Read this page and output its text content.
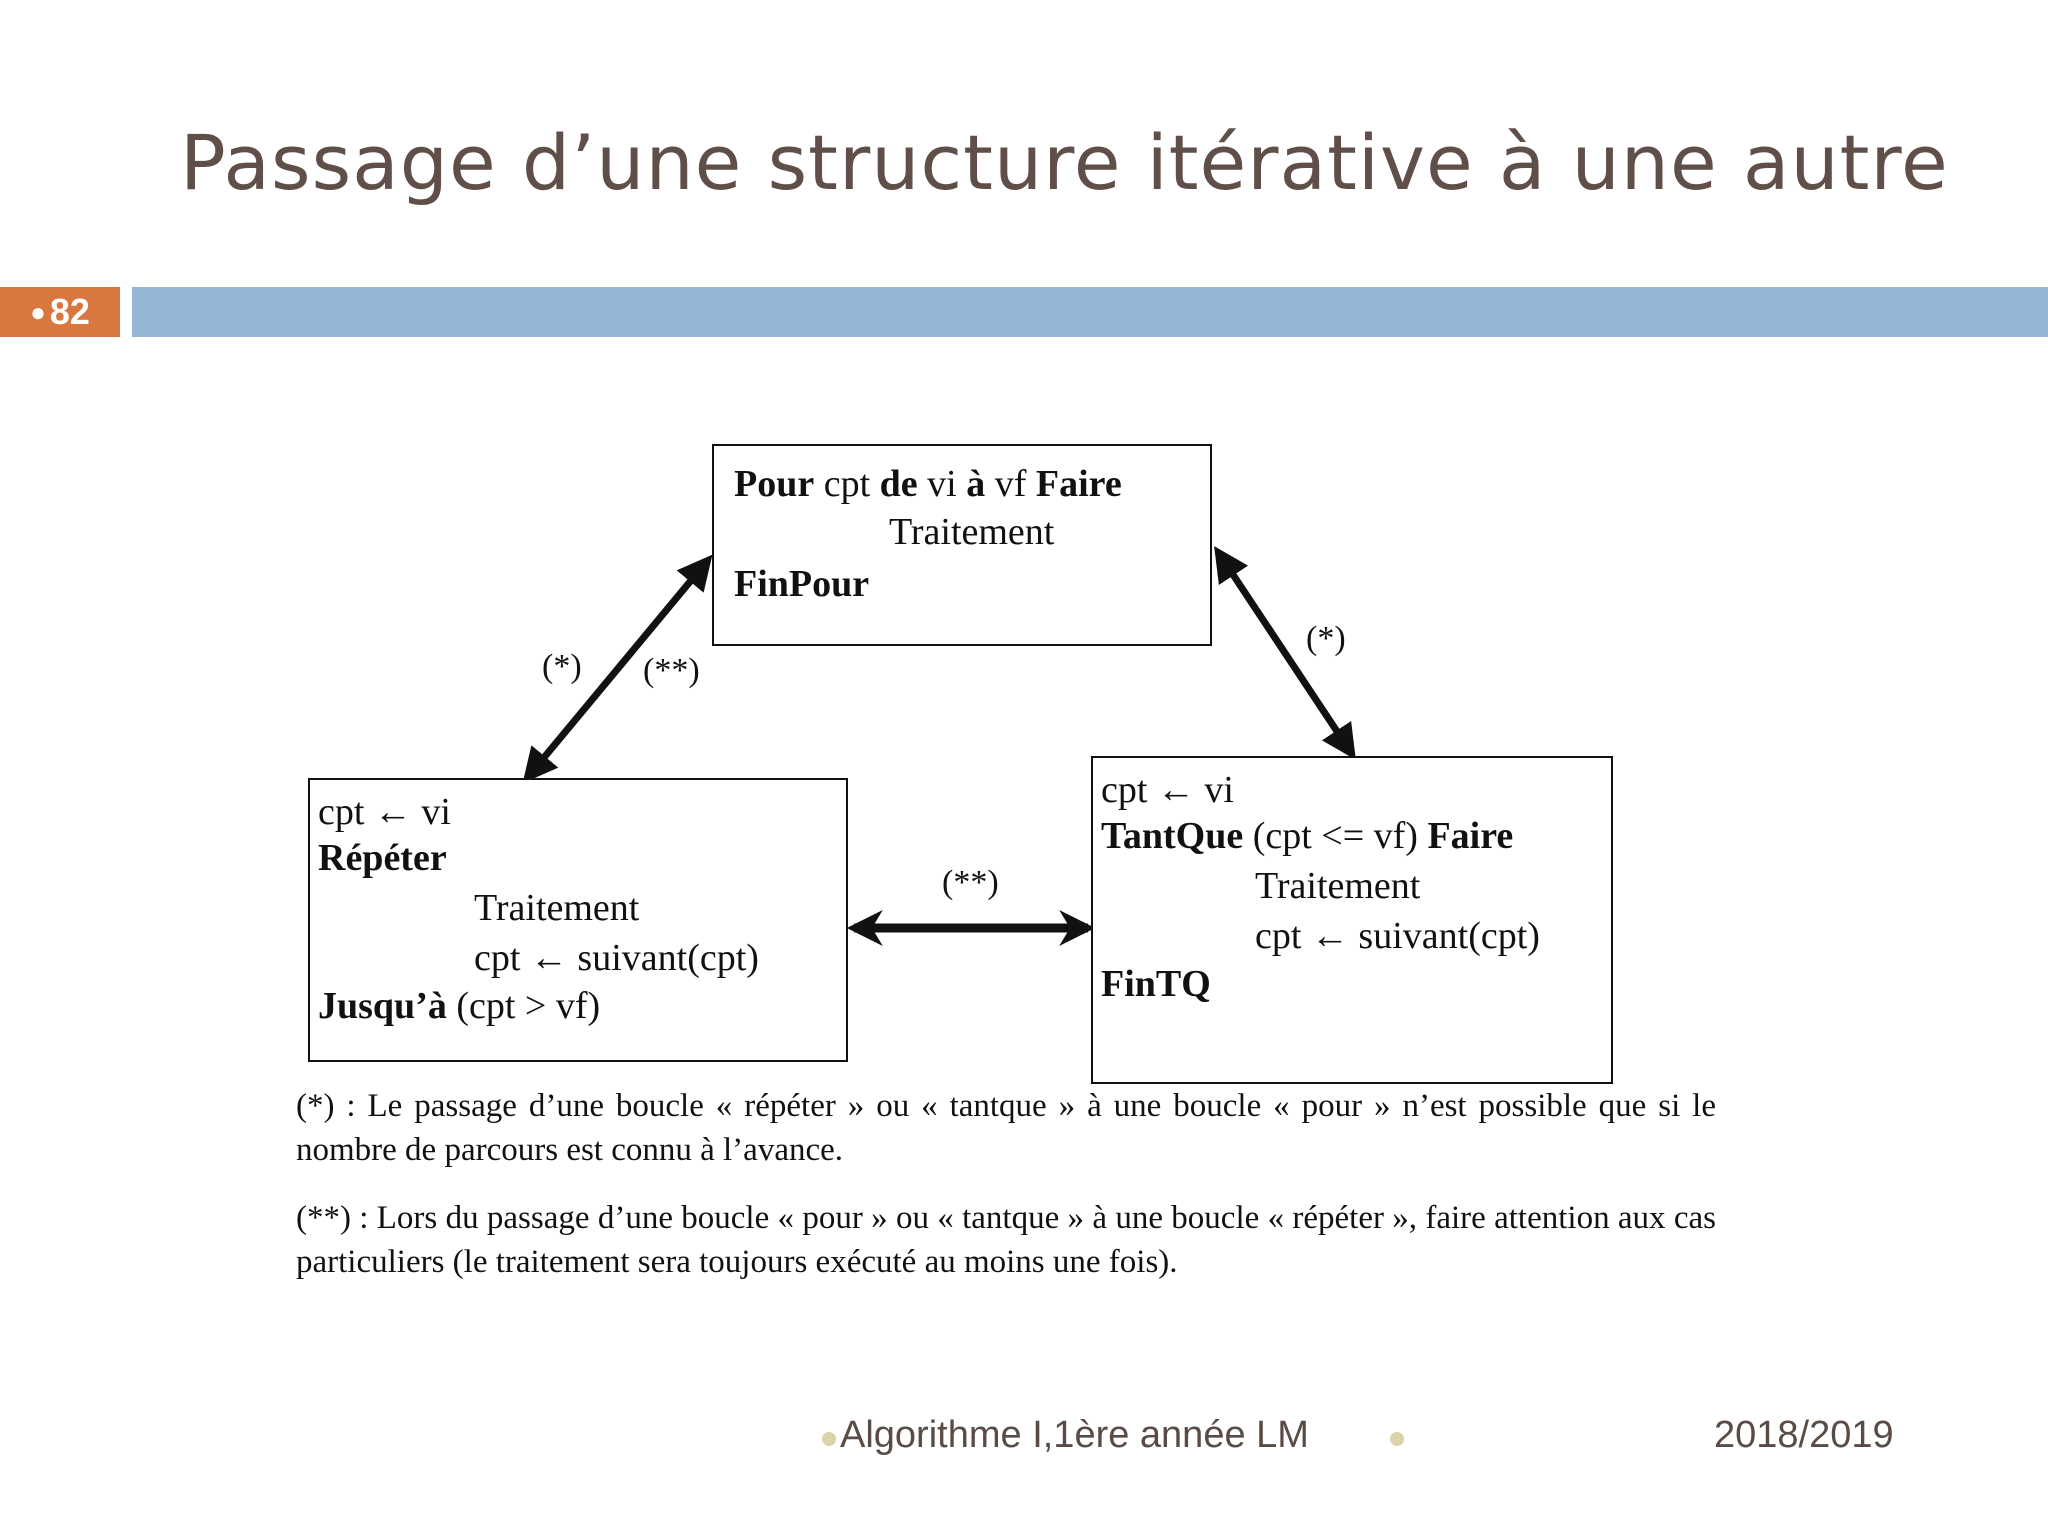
Passage d’une structure itérative à une autre
● 82
Pour cpt de vi à vf Faire
Traitement
FinPour
cpt ← vi
Répéter
Traitement
cpt ← suivant(cpt)
Jusqu’à (cpt > vf)
cpt ← vi
TantQue (cpt <= vf) Faire
Traitement
cpt ← suivant(cpt)
FinTQ
(*) (**)
(*)
(**)
(*) : Le passage d’une boucle « répéter » ou « tantque » à une boucle « pour » n’est possible que si le nombre de parcours est connu à l’avance.
(**) : Lors du passage d’une boucle « pour » ou « tantque » à une boucle « répéter », faire attention aux cas particuliers (le traitement sera toujours exécuté au moins une fois).
Algorithme I,1ère année LM	2018/2019
